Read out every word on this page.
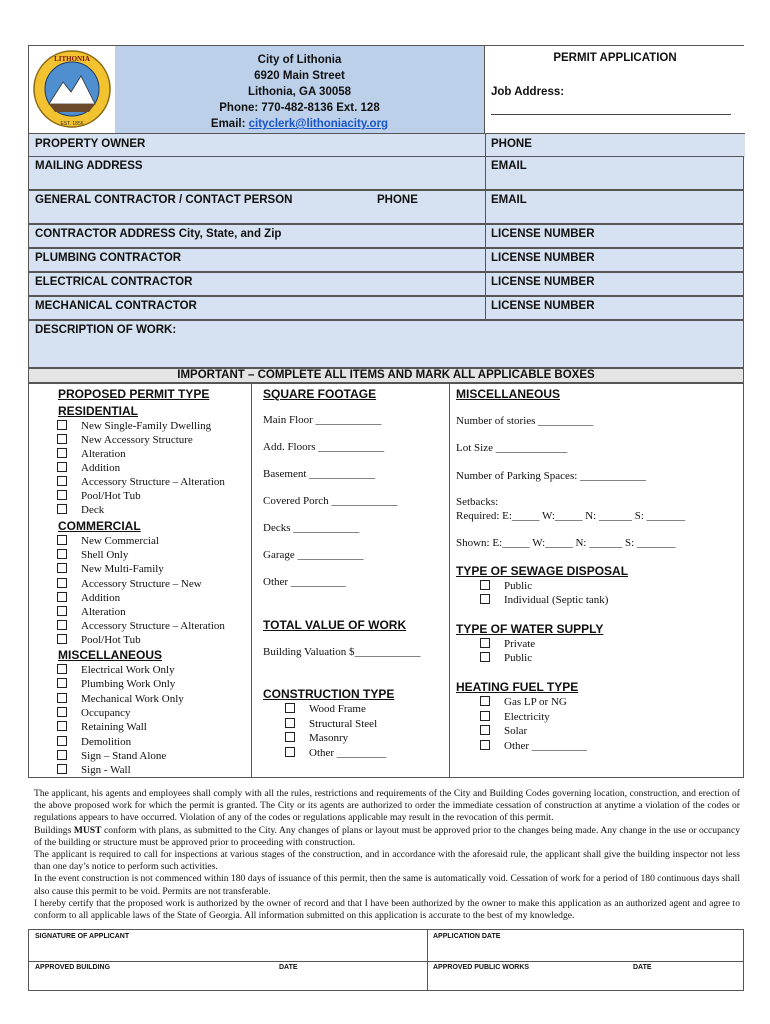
LITHONIA
EST. 1856
City of Lithonia
6920 Main Street
Lithonia, GA 30058
Phone: 770-482-8136 Ext. 128
Email: cityclerk@lithoniacity.org
PERMIT APPLICATION
Job Address:
PROPERTY OWNER	PHONE
MAILING ADDRESS	EMAIL
GENERAL CONTRACTOR / CONTACT PERSON	PHONE	EMAIL
CONTRACTOR ADDRESS City, State, and Zip	LICENSE NUMBER
PLUMBING CONTRACTOR	LICENSE NUMBER
ELECTRICAL CONTRACTOR	LICENSE NUMBER
MECHANICAL CONTRACTOR	LICENSE NUMBER
DESCRIPTION OF WORK:
IMPORTANT – COMPLETE ALL ITEMS AND MARK ALL APPLICABLE BOXES
PROPOSED PERMIT TYPE
RESIDENTIAL
New Single-Family Dwelling
New Accessory Structure
Alteration
Addition
Accessory Structure – Alteration
Pool/Hot Tub
Deck
COMMERCIAL
New Commercial
Shell Only
New Multi-Family
Accessory Structure – New
Addition
Alteration
Accessory Structure – Alteration
Pool/Hot Tub
MISCELLANEOUS
Electrical Work Only
Plumbing Work Only
Mechanical Work Only
Occupancy
Retaining Wall
Demolition
Sign – Stand Alone
Sign - Wall
SQUARE FOOTAGE
Main Floor ____________
Add. Floors ____________
Basement ____________
Covered Porch ____________
Decks ____________
Garage ____________
Other __________
TOTAL VALUE OF WORK
Building Valuation $____________
CONSTRUCTION TYPE
Wood Frame
Structural Steel
Masonry
Other _________
MISCELLANEOUS
Number of stories __________
Lot Size _____________
Number of Parking Spaces: ____________
Setbacks:
Required: E:_____ W:_____ N: ______ S: _______
Shown: E:_____ W:_____ N: ______ S: _______
TYPE OF SEWAGE DISPOSAL
Public
Individual (Septic tank)
TYPE OF WATER SUPPLY
Private
Public
HEATING FUEL TYPE
Gas LP or NG
Electricity
Solar
Other __________

The applicant, his agents and employees shall comply with all the rules, restrictions and requirements of the City and Building Codes governing location, construction, and erection of the above proposed work for which the permit is granted. The City or its agents are authorized to order the immediate cessation of construction at anytime a violation of the codes or regulations appears to have occurred. Violation of any of the codes or regulations applicable may result in the revocation of this permit.

Buildings MUST conform with plans, as submitted to the City. Any changes of plans or layout must be approved prior to the changes being made. Any change in the use or occupancy of the building or structure must be approved prior to proceeding with construction.

The applicant is required to call for inspections at various stages of the construction, and in accordance with the aforesaid rule, the applicant shall give the building inspector not less than one day’s notice to perform such activities.

In the event construction is not commenced within 180 days of issuance of this permit, then the same is automatically void. Cessation of work for a period of 180 continuous days shall also cause this permit to be void. Permits are not transferable.

I hereby certify that the proposed work is authorized by the owner of record and that I have been authorized by the owner to make this application as an authorized agent and agree to conform to all applicable laws of the State of Georgia. All information submitted on this application is accurate to the best of my knowledge.

SIGNATURE OF APPLICANT	APPLICATION DATE
APPROVED BUILDING	DATE	APPROVED PUBLIC WORKS	DATE
